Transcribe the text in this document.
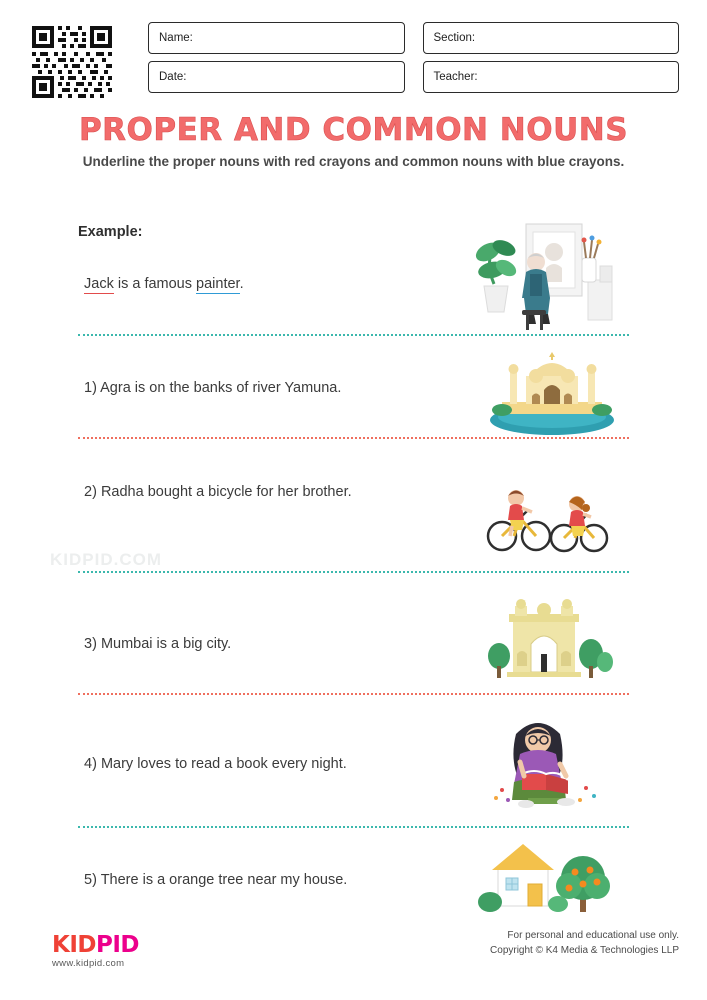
Name:	Section:
Date:	Teacher:
PROPER AND COMMON NOUNS
Underline the proper nouns with red crayons and common nouns with blue crayons.
Example:
Jack is a famous painter.
1) Agra is on the banks of river Yamuna.
2) Radha bought a bicycle for her brother.
KIDPID.COM
3) Mumbai is a big city.
4) Mary loves to read a book every night.
5) There is a orange tree near my house.
KIDPID
www.kidpid.com
For personal and educational use only.
Copyright © K4 Media & Technologies LLP
